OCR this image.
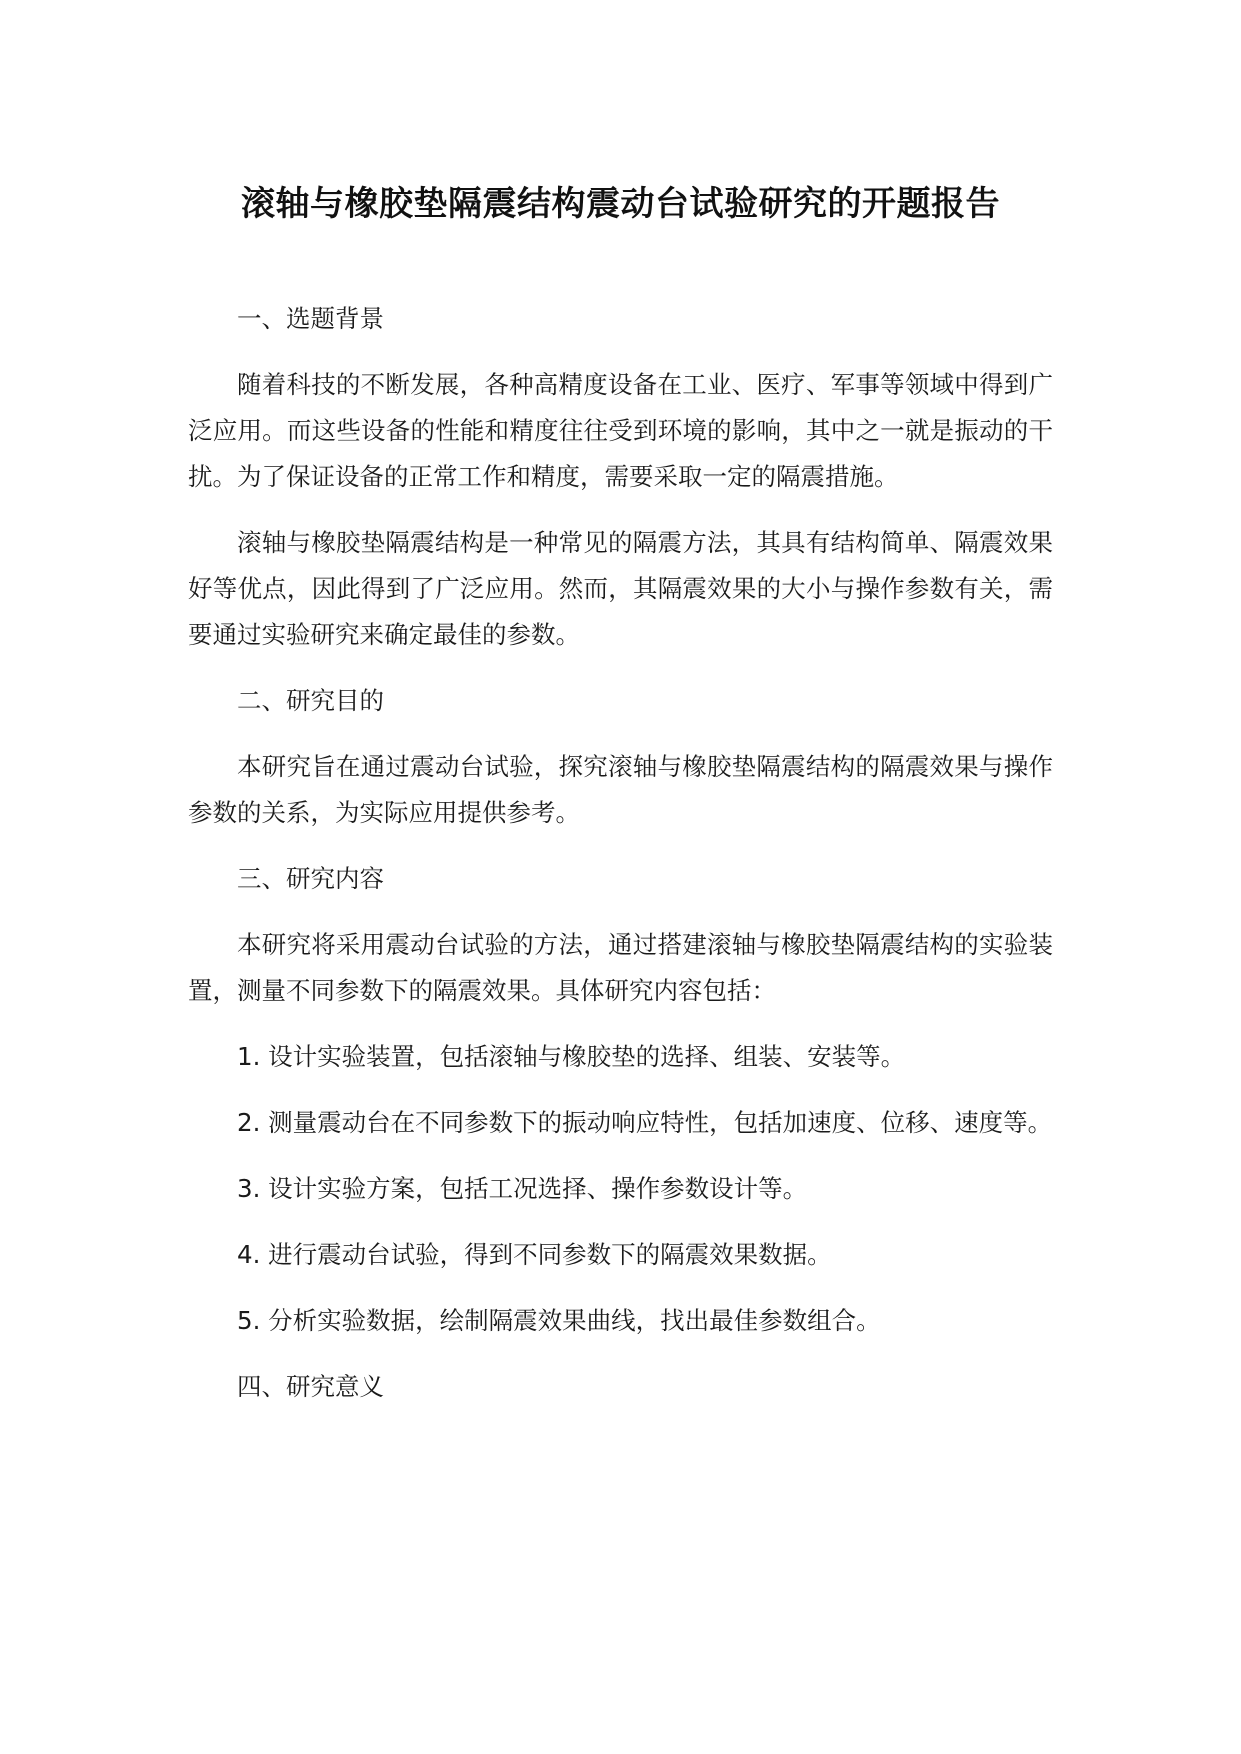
滚轴与橡胶垫隔震结构震动台试验研究的开题报告

一、选题背景

随着科技的不断发展，各种高精度设备在工业、医疗、军事等领域中得到广泛应用。而这些设备的性能和精度往往受到环境的影响，其中之一就是振动的干扰。为了保证设备的正常工作和精度，需要采取一定的隔震措施。

滚轴与橡胶垫隔震结构是一种常见的隔震方法，其具有结构简单、隔震效果好等优点，因此得到了广泛应用。然而，其隔震效果的大小与操作参数有关，需要通过实验研究来确定最佳的参数。

二、研究目的

本研究旨在通过震动台试验，探究滚轴与橡胶垫隔震结构的隔震效果与操作参数的关系，为实际应用提供参考。

三、研究内容

本研究将采用震动台试验的方法，通过搭建滚轴与橡胶垫隔震结构的实验装置，测量不同参数下的隔震效果。具体研究内容包括：

1. 设计实验装置，包括滚轴与橡胶垫的选择、组装、安装等。

2. 测量震动台在不同参数下的振动响应特性，包括加速度、位移、速度等。

3. 设计实验方案，包括工况选择、操作参数设计等。

4. 进行震动台试验，得到不同参数下的隔震效果数据。

5. 分析实验数据，绘制隔震效果曲线，找出最佳参数组合。

四、研究意义
